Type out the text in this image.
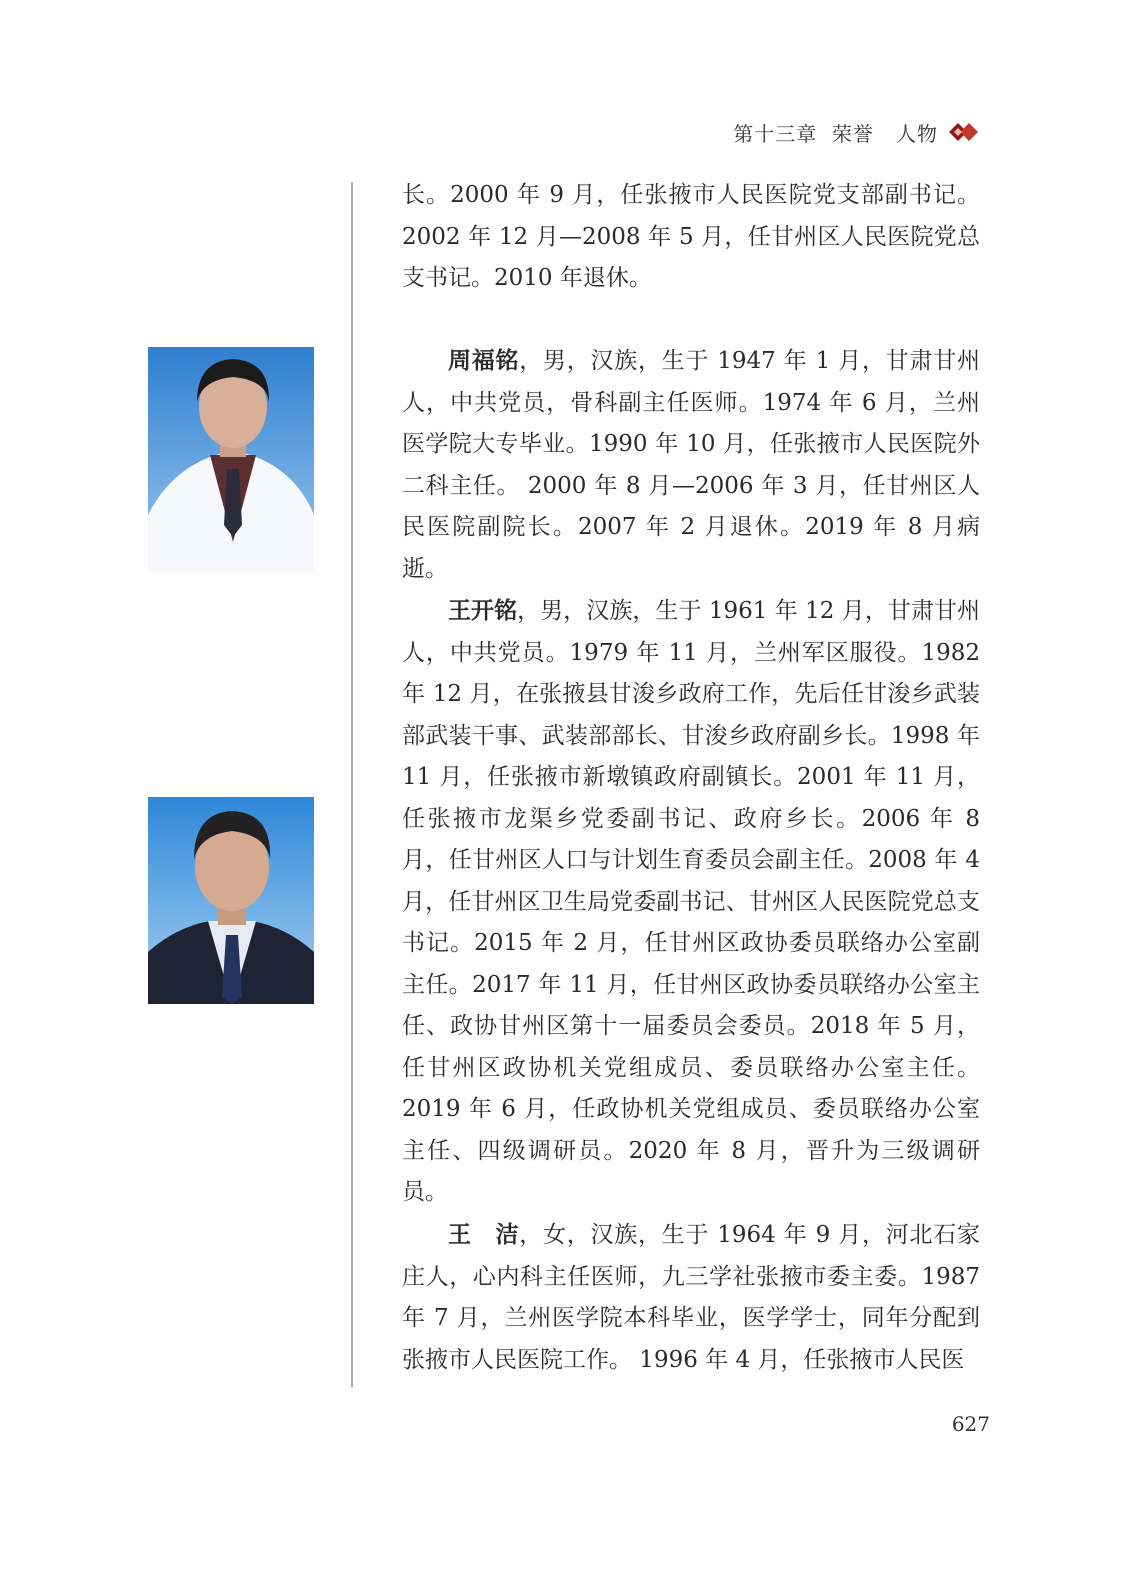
第十三章  荣誉   人物
长。2000 年 9 月，任张掖市人民医院党支部副书记。2002 年 12 月—2008 年 5 月，任甘州区人民医院党总支书记。2010 年退休。
周福铭，男，汉族，生于 1947 年 1 月，甘肃甘州人，中共党员，骨科副主任医师。1974 年 6 月，兰州医学院大专毕业。1990 年 10 月，任张掖市人民医院外二科主任。 2000 年 8 月—2006 年 3 月，任甘州区人民医院副院长。2007 年 2 月退休。2019 年 8 月病逝。
王开铭，男，汉族，生于 1961 年 12 月，甘肃甘州人，中共党员。1979 年 11 月，兰州军区服役。1982 年 12 月，在张掖县甘浚乡政府工作，先后任甘浚乡武装部武装干事、武装部部长、甘浚乡政府副乡长。1998 年 11 月，任张掖市新墩镇政府副镇长。2001 年 11 月，任张掖市龙渠乡党委副书记、政府乡长。2006 年 8 月，任甘州区人口与计划生育委员会副主任。2008 年 4 月，任甘州区卫生局党委副书记、甘州区人民医院党总支书记。2015 年 2 月，任甘州区政协委员联络办公室副主任。2017 年 11 月，任甘州区政协委员联络办公室主任、政协甘州区第十一届委员会委员。2018 年 5 月，任甘州区政协机关党组成员、委员联络办公室主任。2019 年 6 月，任政协机关党组成员、委员联络办公室主任、四级调研员。2020 年 8 月，晋升为三级调研员。
王　洁，女，汉族，生于 1964 年 9 月，河北石家庄人，心内科主任医师，九三学社张掖市委主委。1987 年 7 月，兰州医学院本科毕业，医学学士，同年分配到张掖市人民医院工作。 1996 年 4 月，任张掖市人民医
627
